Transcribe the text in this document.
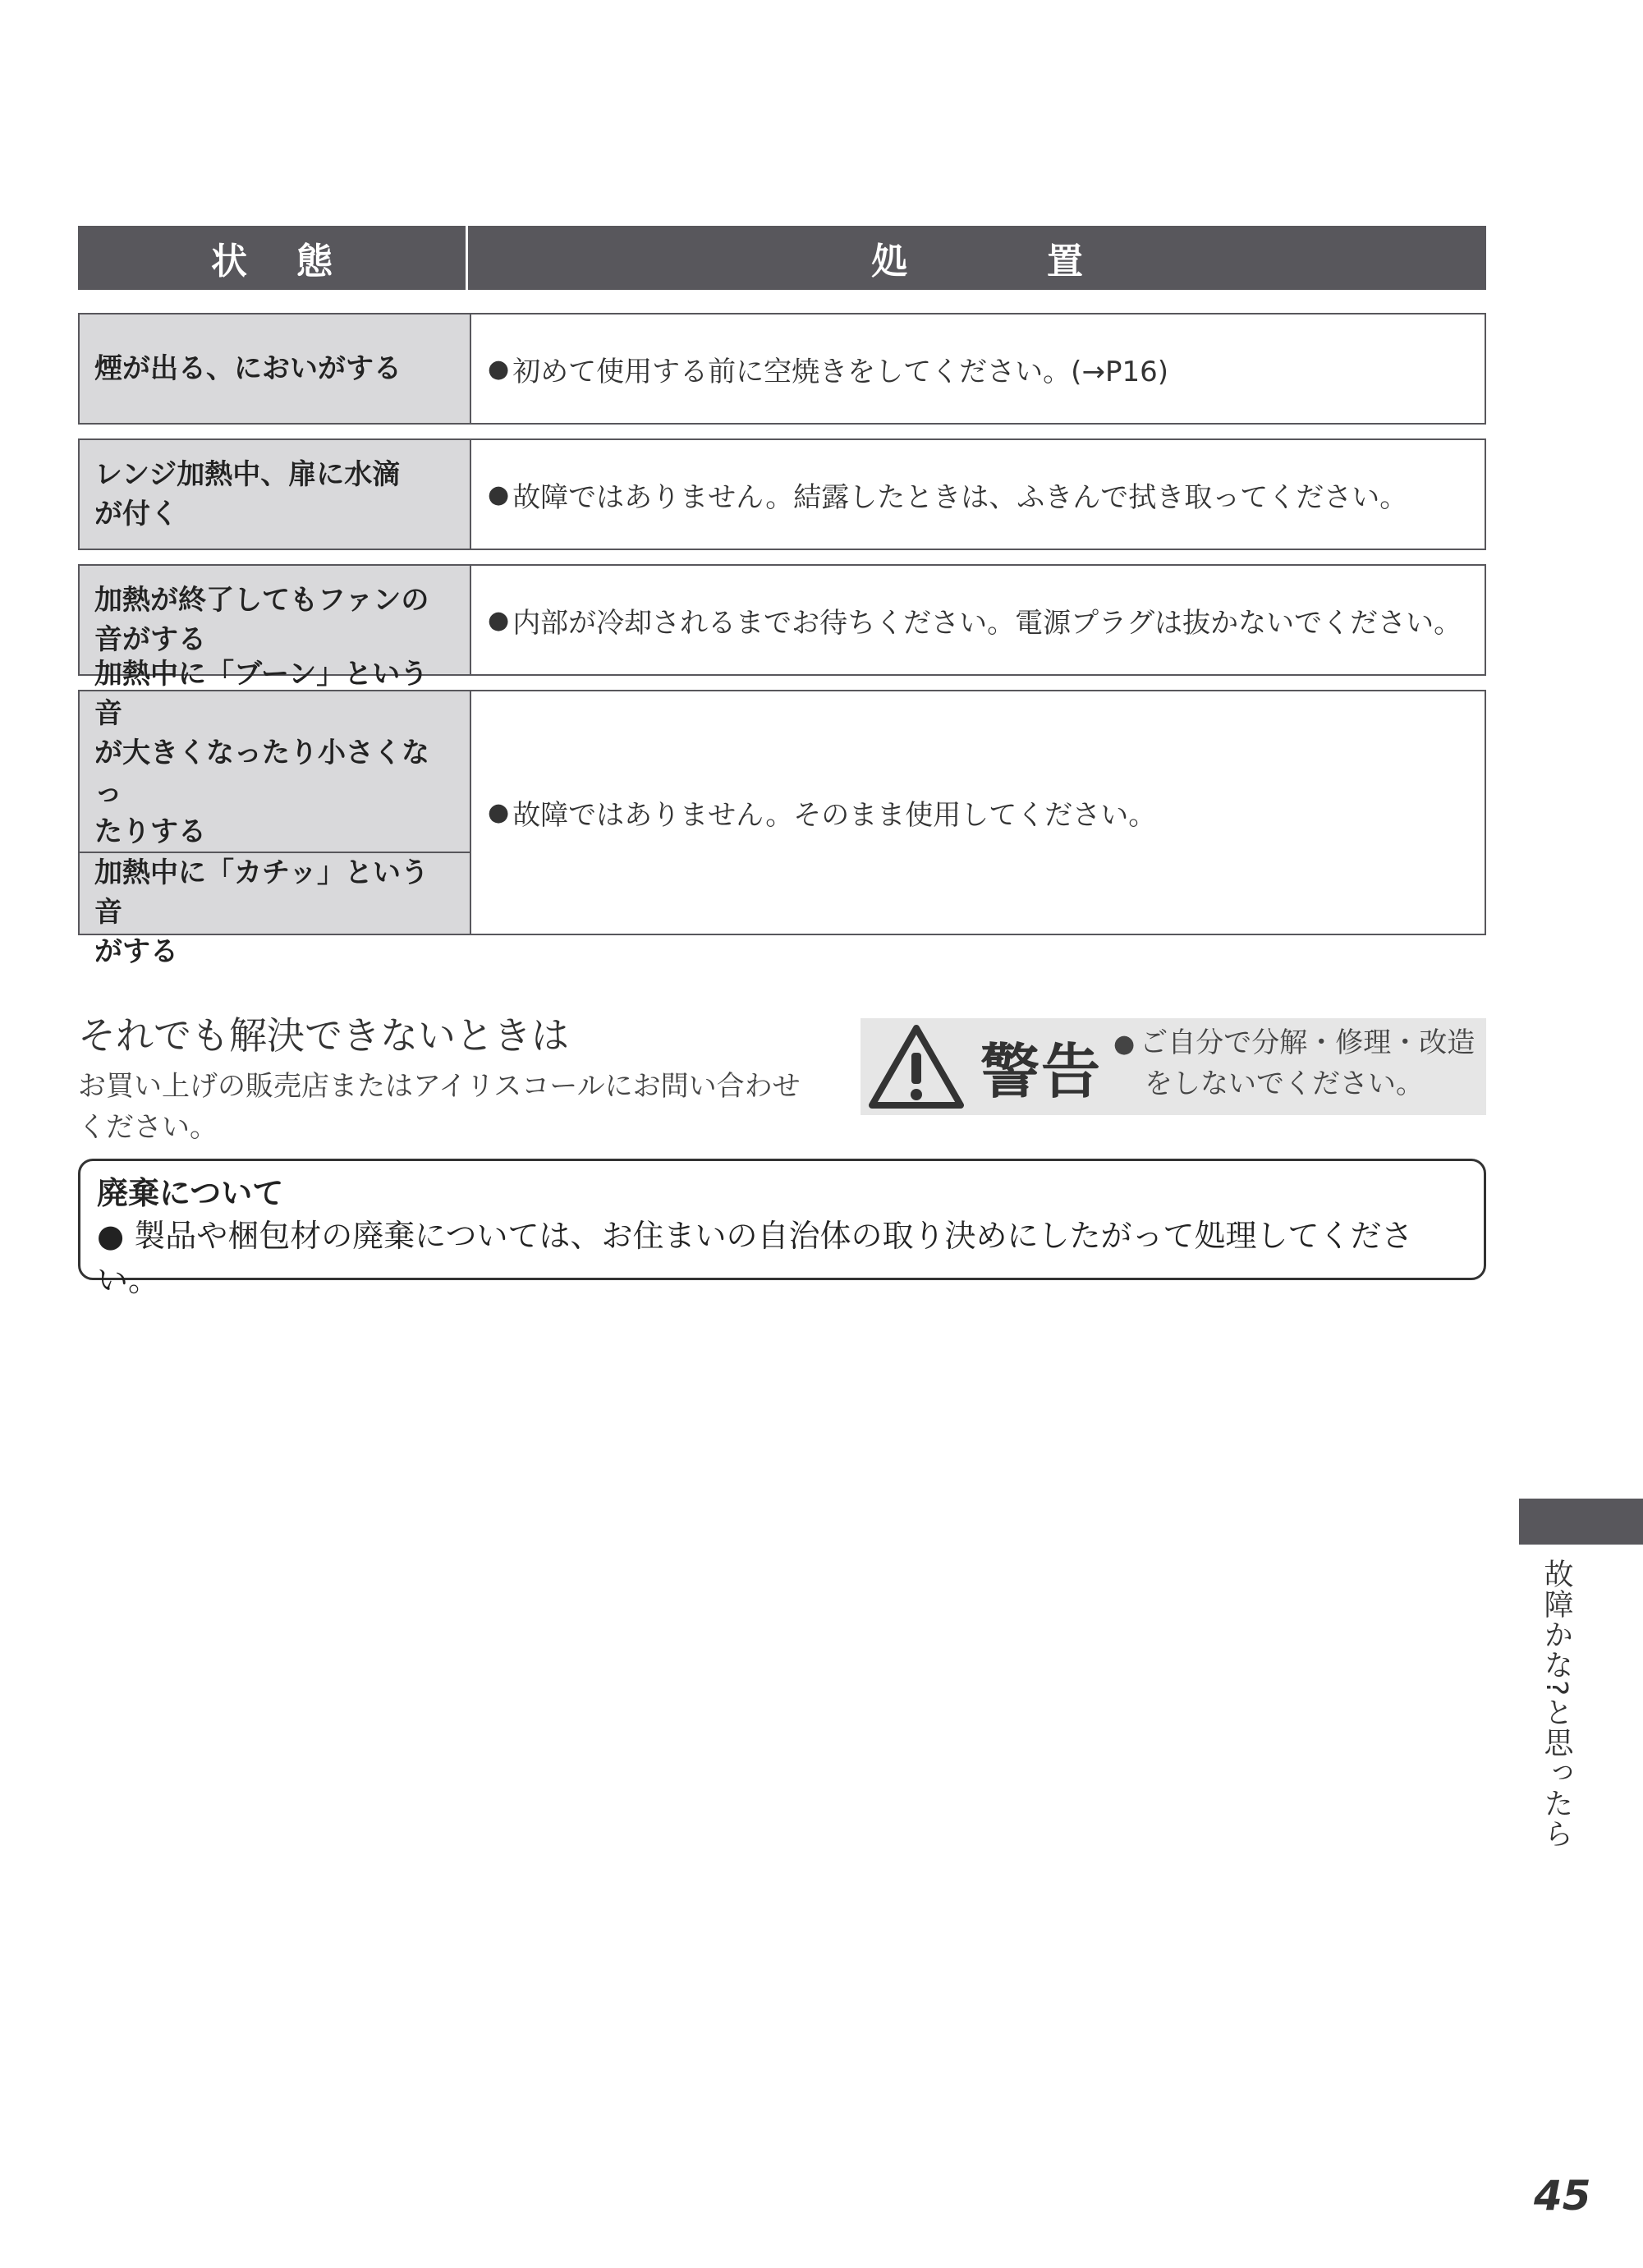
状態	処置
煙が出る、においがする	● 初めて使用する前に空焼きをしてください。(→P16)
レンジ加熱中、扉に水滴
が付く
● 故障ではありません。結露したときは、ふきんで拭き取ってください。
加熱が終了してもファンの
音がする
● 内部が冷却されるまでお待ちください。電源プラグは抜かないでください。
加熱中に「ブーン」という音
が大きくなったり小さくなっ
たりする
加熱中に「カチッ」という音
がする
● 故障ではありません。そのまま使用してください。
それでも解決できないときは
お買い上げの販売店またはアイリスコールにお問い合わせ
ください。
警告 ● ご自分で分解・修理・改造
をしないでください。
廃棄について
● 製品や梱包材の廃棄については、お住まいの自治体の取り決めにしたがって処理してください。
故障かな?と思ったら
45
